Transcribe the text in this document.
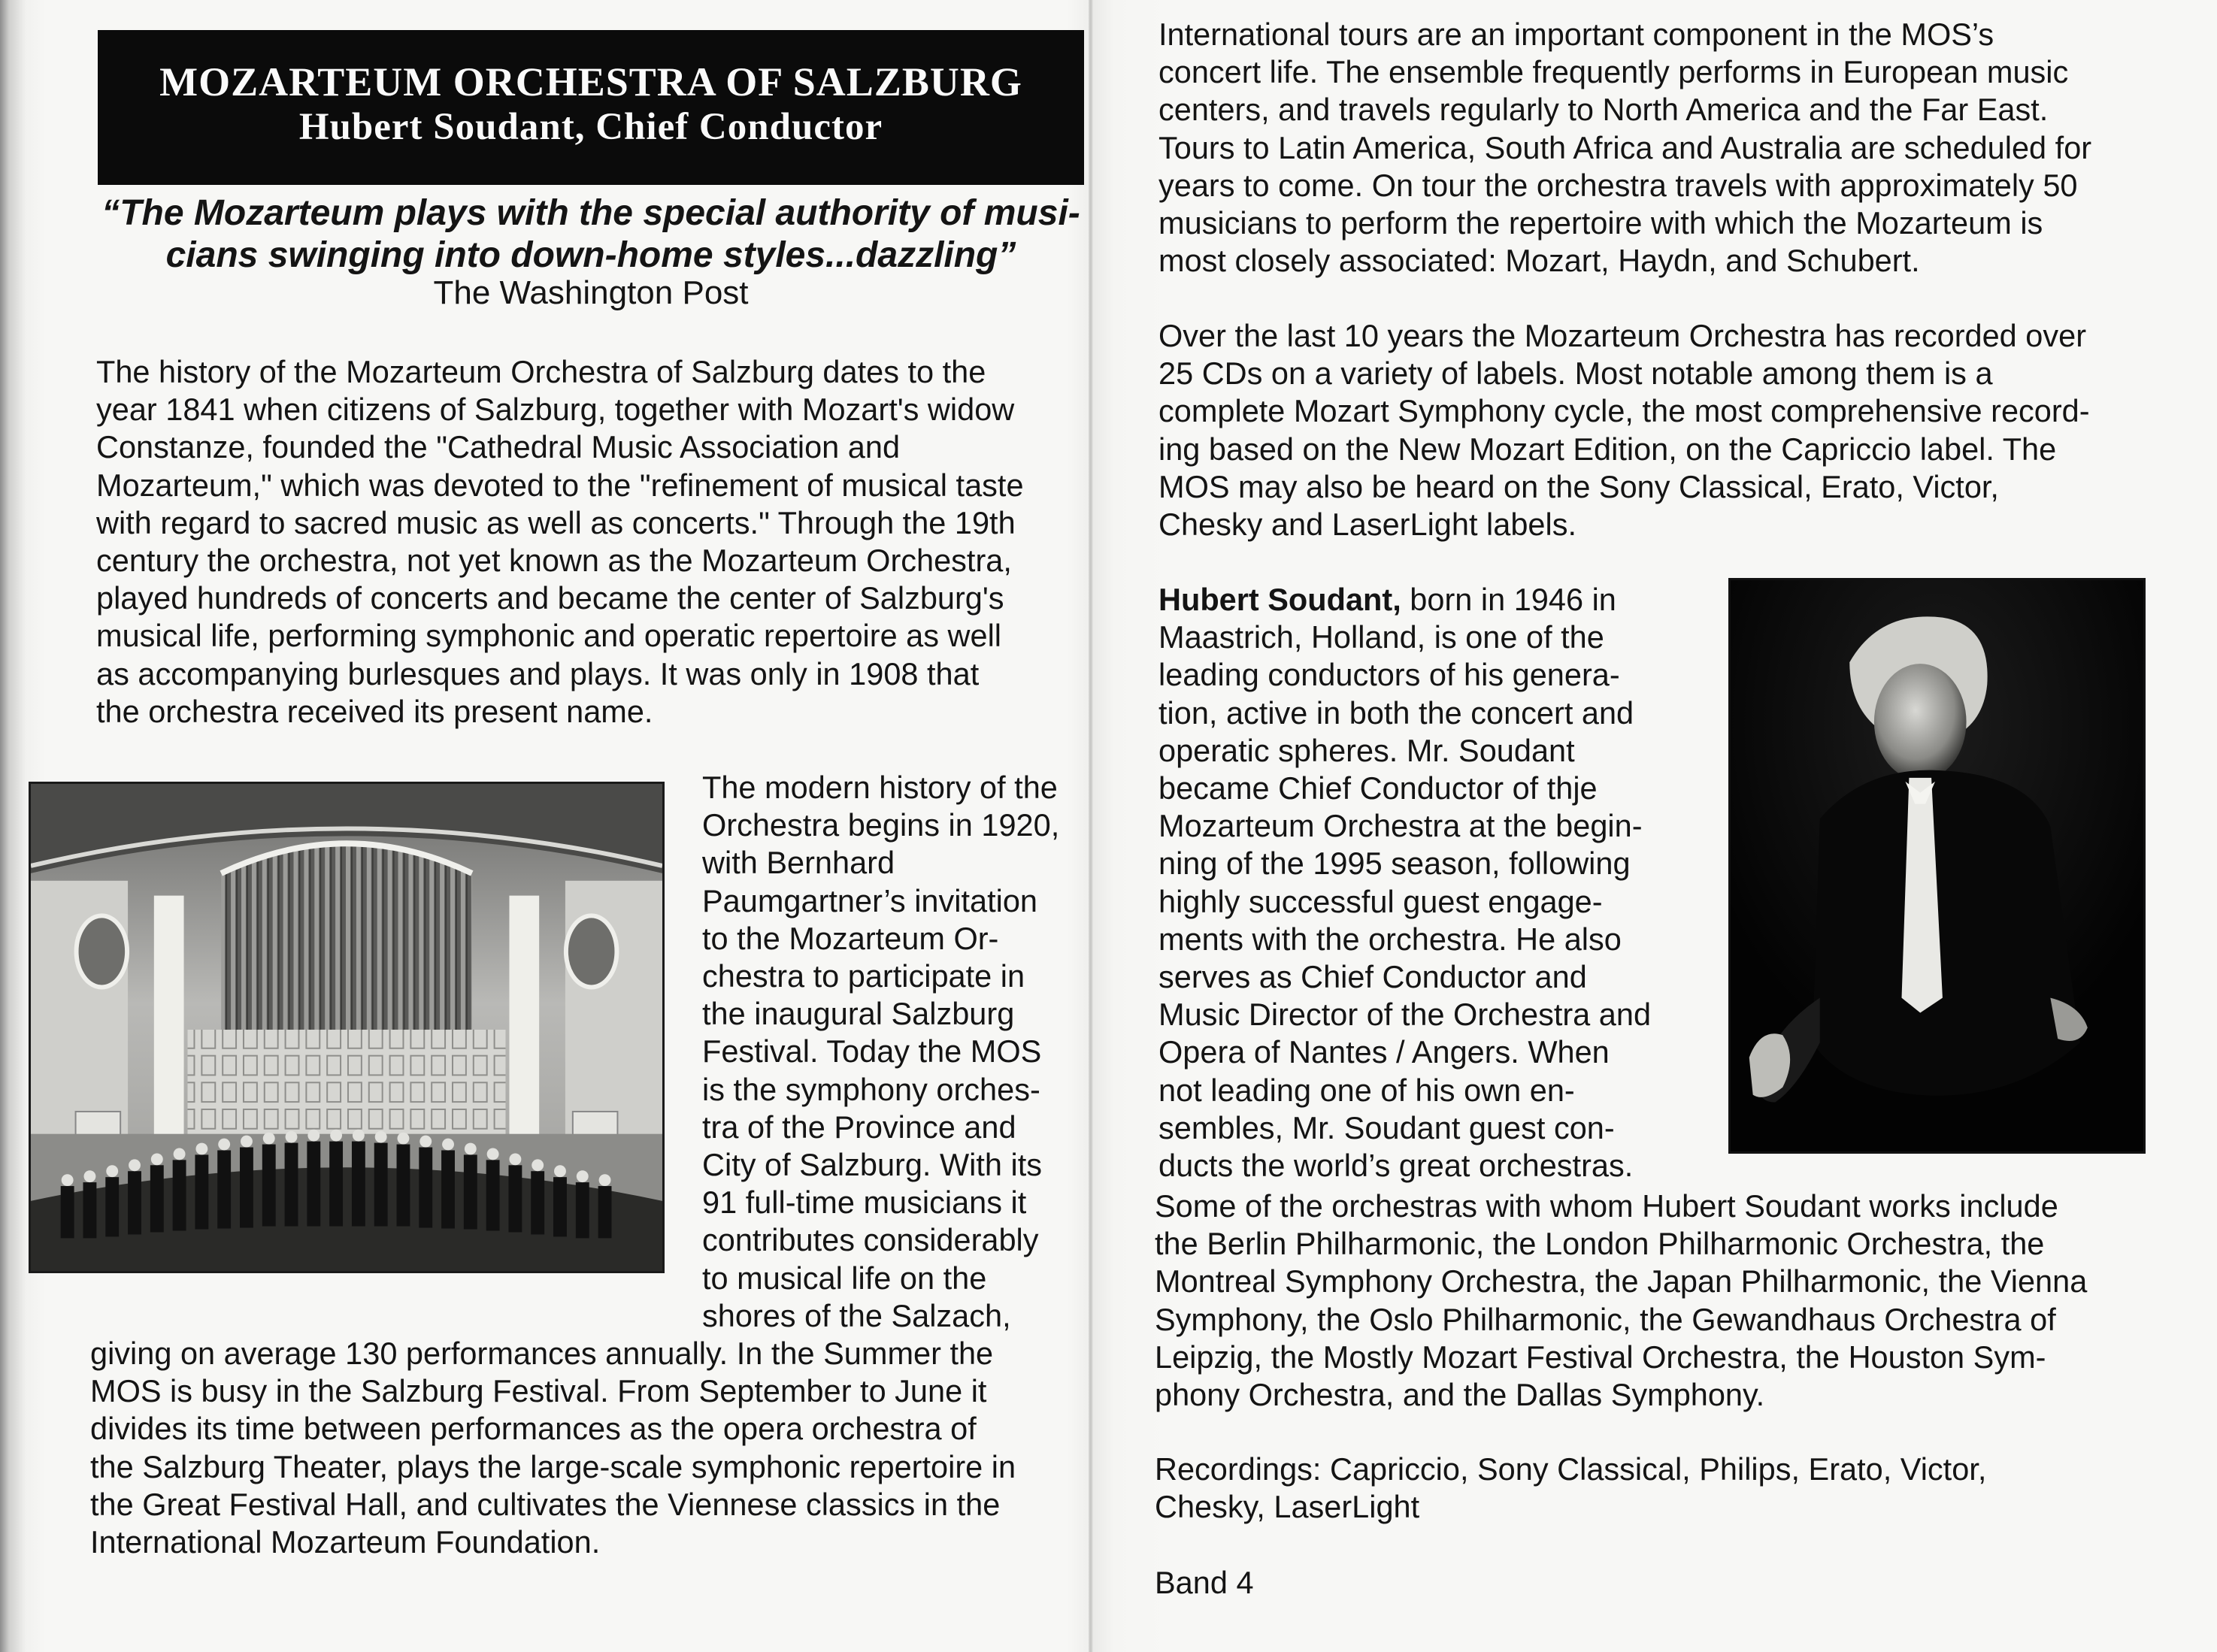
MOZARTEUM ORCHESTRA OF SALZBURG
Hubert Soudant, Chief Conductor
“The Mozarteum plays with the special authority of musi-
cians swinging into down-home styles...dazzling”
The Washington Post

The history of the Mozarteum Orchestra of Salzburg dates to the
year 1841 when citizens of Salzburg, together with Mozart's widow
Constanze, founded the "Cathedral Music Association and
Mozarteum," which was devoted to the "refinement of musical taste
with regard to sacred music as well as concerts." Through the 19th
century the orchestra, not yet known as the Mozarteum Orchestra,
played hundreds of concerts and became the center of Salzburg's
musical life, performing symphonic and operatic repertoire as well
as accompanying burlesques and plays. It was only in 1908 that
the orchestra received its present name.

The modern history of the
Orchestra begins in 1920,
with Bernhard
Paumgartner’s invitation
to the Mozarteum Or-
chestra to participate in
the inaugural Salzburg
Festival. Today the MOS
is the symphony orches-
tra of the Province and
City of Salzburg. With its
91 full-time musicians it
contributes considerably
to musical life on the
shores of the Salzach,

giving on average 130 performances annually. In the Summer the
MOS is busy in the Salzburg Festival. From September to June it
divides its time between performances as the opera orchestra of
the Salzburg Theater, plays the large-scale symphonic repertoire in
the Great Festival Hall, and cultivates the Viennese classics in the
International Mozarteum Foundation.

International tours are an important component in the MOS’s
concert life. The ensemble frequently performs in European music
centers, and travels regularly to North America and the Far East.
Tours to Latin America, South Africa and Australia are scheduled for
years to come. On tour the orchestra travels with approximately 50
musicians to perform the repertoire with which the Mozarteum is
most closely associated: Mozart, Haydn, and Schubert.

Over the last 10 years the Mozarteum Orchestra has recorded over
25 CDs on a variety of labels. Most notable among them is a
complete Mozart Symphony cycle, the most comprehensive record-
ing based on the New Mozart Edition, on the Capriccio label. The
MOS may also be heard on the Sony Classical, Erato, Victor,
Chesky and LaserLight labels.

Hubert Soudant, born in 1946 in
Maastrich, Holland, is one of the
leading conductors of his genera-
tion, active in both the concert and
operatic spheres. Mr. Soudant
became Chief Conductor of thje
Mozarteum Orchestra at the begin-
ning of the 1995 season, following
highly successful guest engage-
ments with the orchestra. He also
serves as Chief Conductor and
Music Director of the Orchestra and
Opera of Nantes / Angers. When
not leading one of his own en-
sembles, Mr. Soudant guest con-
ducts the world’s great orchestras.

Some of the orchestras with whom Hubert Soudant works include
the Berlin Philharmonic, the London Philharmonic Orchestra, the
Montreal Symphony Orchestra, the Japan Philharmonic, the Vienna
Symphony, the Oslo Philharmonic, the Gewandhaus Orchestra of
Leipzig, the Mostly Mozart Festival Orchestra, the Houston Sym-
phony Orchestra, and the Dallas Symphony.

Recordings: Capriccio, Sony Classical, Philips, Erato, Victor,
Chesky, LaserLight

Band 4
